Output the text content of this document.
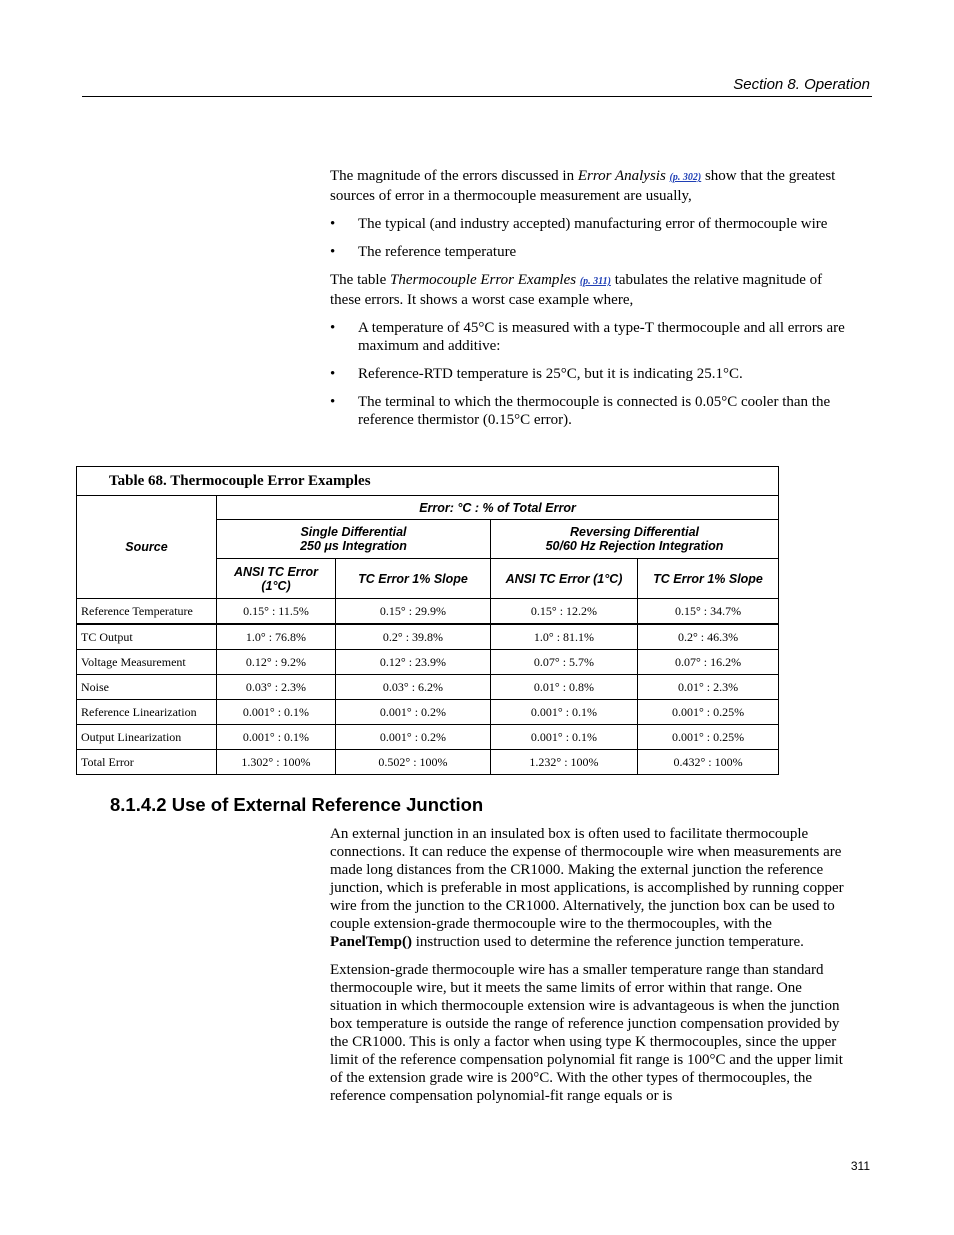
Section 8. Operation

The magnitude of the errors discussed in Error Analysis (p. 302) show that the greatest sources of error in a thermocouple measurement are usually,

• The typical (and industry accepted) manufacturing error of thermocouple wire
• The reference temperature

The table Thermocouple Error Examples (p. 311) tabulates the relative magnitude of these errors. It shows a worst case example where,

• A temperature of 45°C is measured with a type-T thermocouple and all errors are maximum and additive:
• Reference-RTD temperature is 25°C, but it is indicating 25.1°C.
• The terminal to which the thermocouple is connected is 0.05°C cooler than the reference thermistor (0.15°C error).
Table 68. Thermocouple Error Examples				
Source	Error: °C : % of Total Error			
	Single Differential
250 μs Integration		Reversing Differential
50/60 Hz Rejection Integration	
	ANSI TC Error (1°C)	TC Error 1% Slope	ANSI TC Error (1°C)	TC Error 1% Slope
Reference Temperature	0.15° : 11.5%	0.15° : 29.9%	0.15° : 12.2%	0.15° : 34.7%
TC Output	1.0° : 76.8%	0.2° : 39.8%	1.0° : 81.1%	0.2° : 46.3%
Voltage Measurement	0.12° : 9.2%	0.12° : 23.9%	0.07° : 5.7%	0.07° : 16.2%
Noise	0.03° : 2.3%	0.03° : 6.2%	0.01° : 0.8%	0.01° : 2.3%
Reference Linearization	0.001° : 0.1%	0.001° : 0.2%	0.001° : 0.1%	0.001° : 0.25%
Output Linearization	0.001° : 0.1%	0.001° : 0.2%	0.001° : 0.1%	0.001° : 0.25%
Total Error	1.302° : 100%	0.502° : 100%	1.232° : 100%	0.432° : 100%
8.1.4.2 Use of External Reference Junction

An external junction in an insulated box is often used to facilitate thermocouple connections. It can reduce the expense of thermocouple wire when measurements are made long distances from the CR1000. Making the external junction the reference junction, which is preferable in most applications, is accomplished by running copper wire from the junction to the CR1000. Alternatively, the junction box can be used to couple extension-grade thermocouple wire to the thermocouples, with the PanelTemp() instruction used to determine the reference junction temperature.

Extension-grade thermocouple wire has a smaller temperature range than standard thermocouple wire, but it meets the same limits of error within that range. One situation in which thermocouple extension wire is advantageous is when the junction box temperature is outside the range of reference junction compensation provided by the CR1000. This is only a factor when using type K thermocouples, since the upper limit of the reference compensation polynomial fit range is 100°C and the upper limit of the extension grade wire is 200°C. With the other types of thermocouples, the reference compensation polynomial-fit range equals or is

311
